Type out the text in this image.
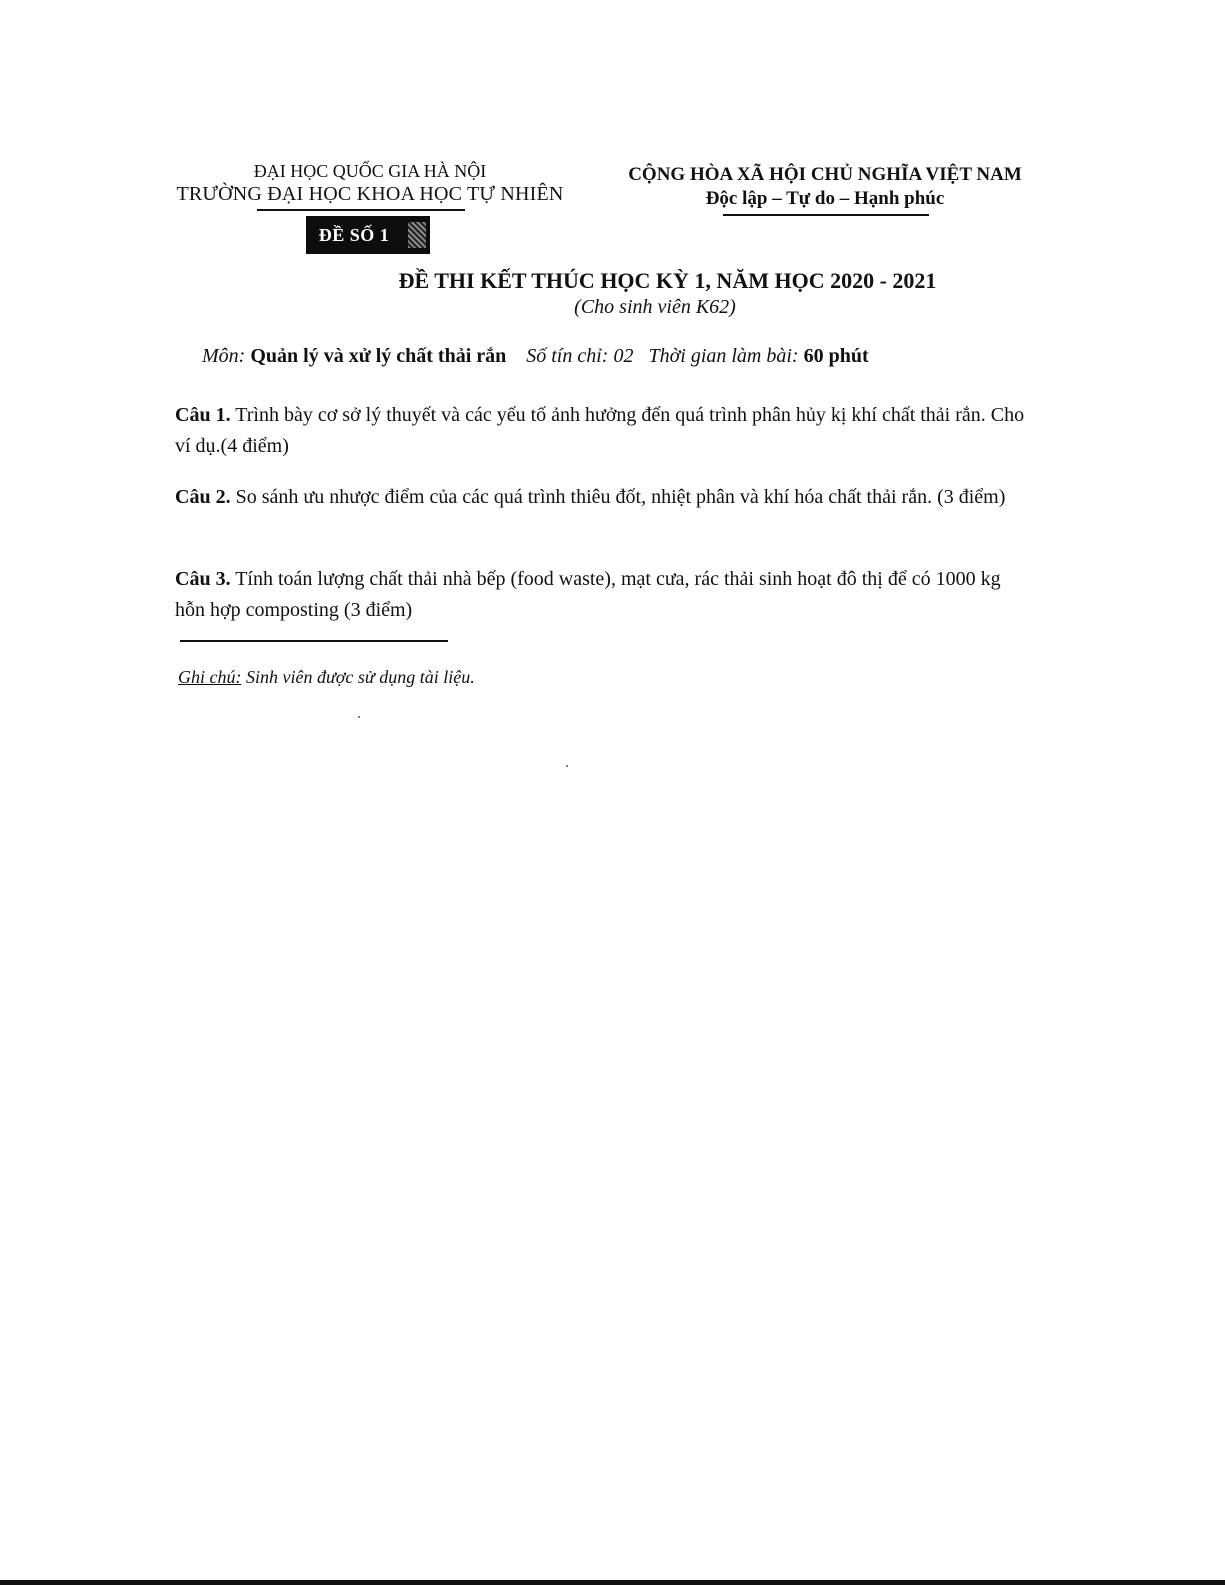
ĐẠI HỌC QUỐC GIA HÀ NỘI
TRƯỜNG ĐẠI HỌC KHOA HỌC TỰ NHIÊN
CỘNG HÒA XÃ HỘI CHỦ NGHĨA VIỆT NAM
Độc lập – Tự do – Hạnh phúc
ĐỀ SỐ 1
ĐỀ THI KẾT THÚC HỌC KỲ 1, NĂM HỌC 2020 - 2021
(Cho sinh viên K62)
Môn: Quản lý và xử lý chất thải rắn Số tín chỉ: 02 Thời gian làm bài: 60 phút
Câu 1. Trình bày cơ sở lý thuyết và các yếu tố ảnh hưởng đến quá trình phân hủy kị khí chất thải rắn. Cho ví dụ.(4 điểm)
Câu 2. So sánh ưu nhược điểm của các quá trình thiêu đốt, nhiệt phân và khí hóa chất thải rắn. (3 điểm)
Câu 3. Tính toán lượng chất thải nhà bếp (food waste), mạt cưa, rác thải sinh hoạt đô thị để có 1000 kg hỗn hợp composting (3 điểm)
Ghi chú: Sinh viên được sử dụng tài liệu.
